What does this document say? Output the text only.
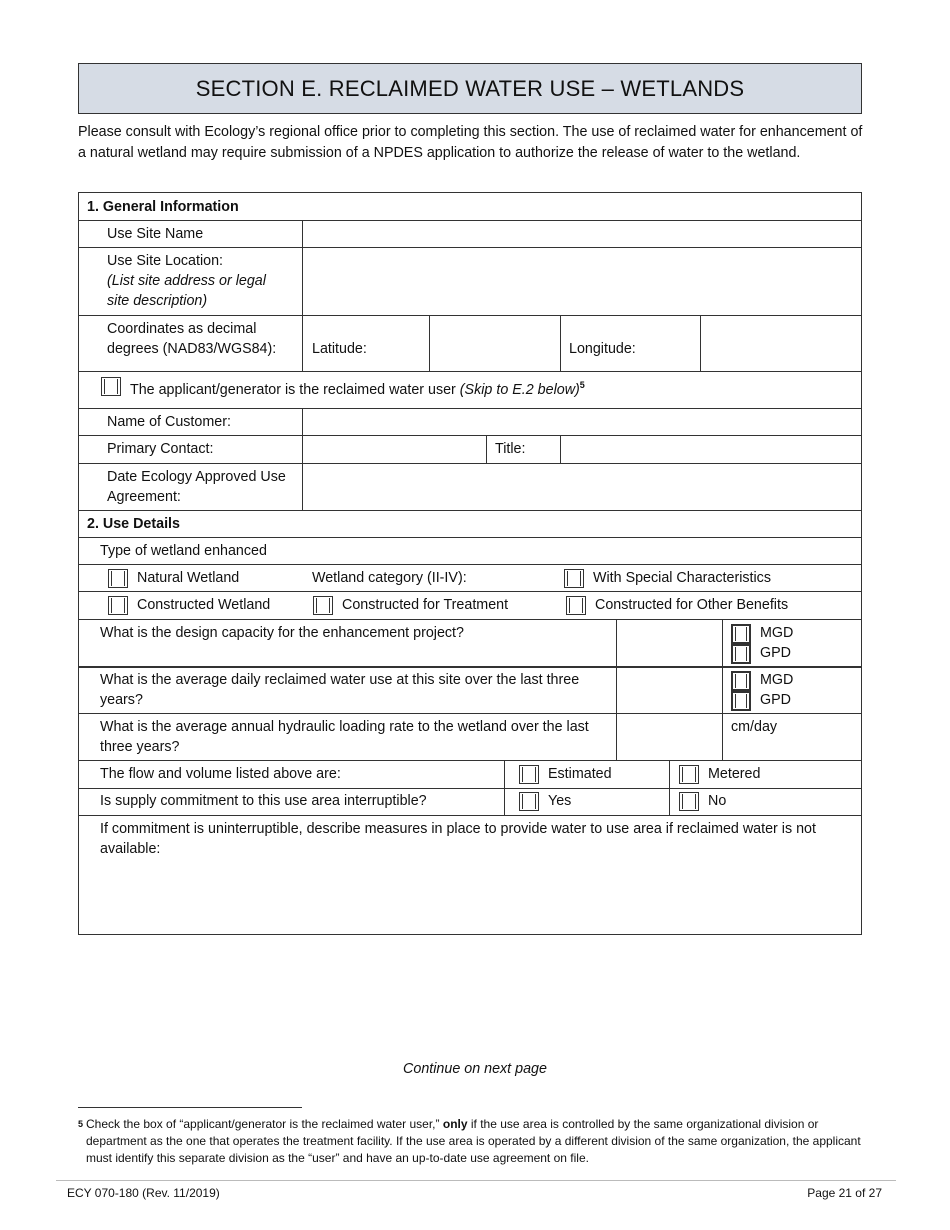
SECTION E. RECLAIMED WATER USE – WETLANDS
Please consult with Ecology’s regional office prior to completing this section. The use of reclaimed water for enhancement of a natural wetland may require submission of a NPDES application to authorize the release of water to the wetland.
1. General Information
Use Site Name
Use Site Location:
(List site address or legal
site description)
Coordinates as decimal
degrees (NAD83/WGS84):	Latitude:	Longitude:
The applicant/generator is the reclaimed water user (Skip to E.2 below)$^5$
Name of Customer:
Primary Contact:	Title:
Date Ecology Approved Use
Agreement:
2. Use Details
Type of wetland enhanced
Natural Wetland	Wetland category (II-IV):	With Special Characteristics
Constructed Wetland	Constructed for Treatment	Constructed for Other Benefits
What is the design capacity for the enhancement project?	MGD
GPD
What is the average daily reclaimed water use at this site over the last three years?
MGD
GPD
What is the average annual hydraulic loading rate to the wetland over the last three years?
cm/day
The flow and volume listed above are:	Estimated	Metered
Is supply commitment to this use area interruptible?	Yes	No
If commitment is uninterruptible, describe measures in place to provide water to use area if reclaimed water is not available:
Continue on next page
5 Check the box of “applicant/generator is the reclaimed water user,” only if the use area is controlled by the same organizational division or department as the one that operates the treatment facility. If the use area is operated by a different division of the same organization, the applicant must identify this separate division as the “user” and have an up-to-date use agreement on file.
ECY 070-180 (Rev. 11/2019)	Page 21 of 27
